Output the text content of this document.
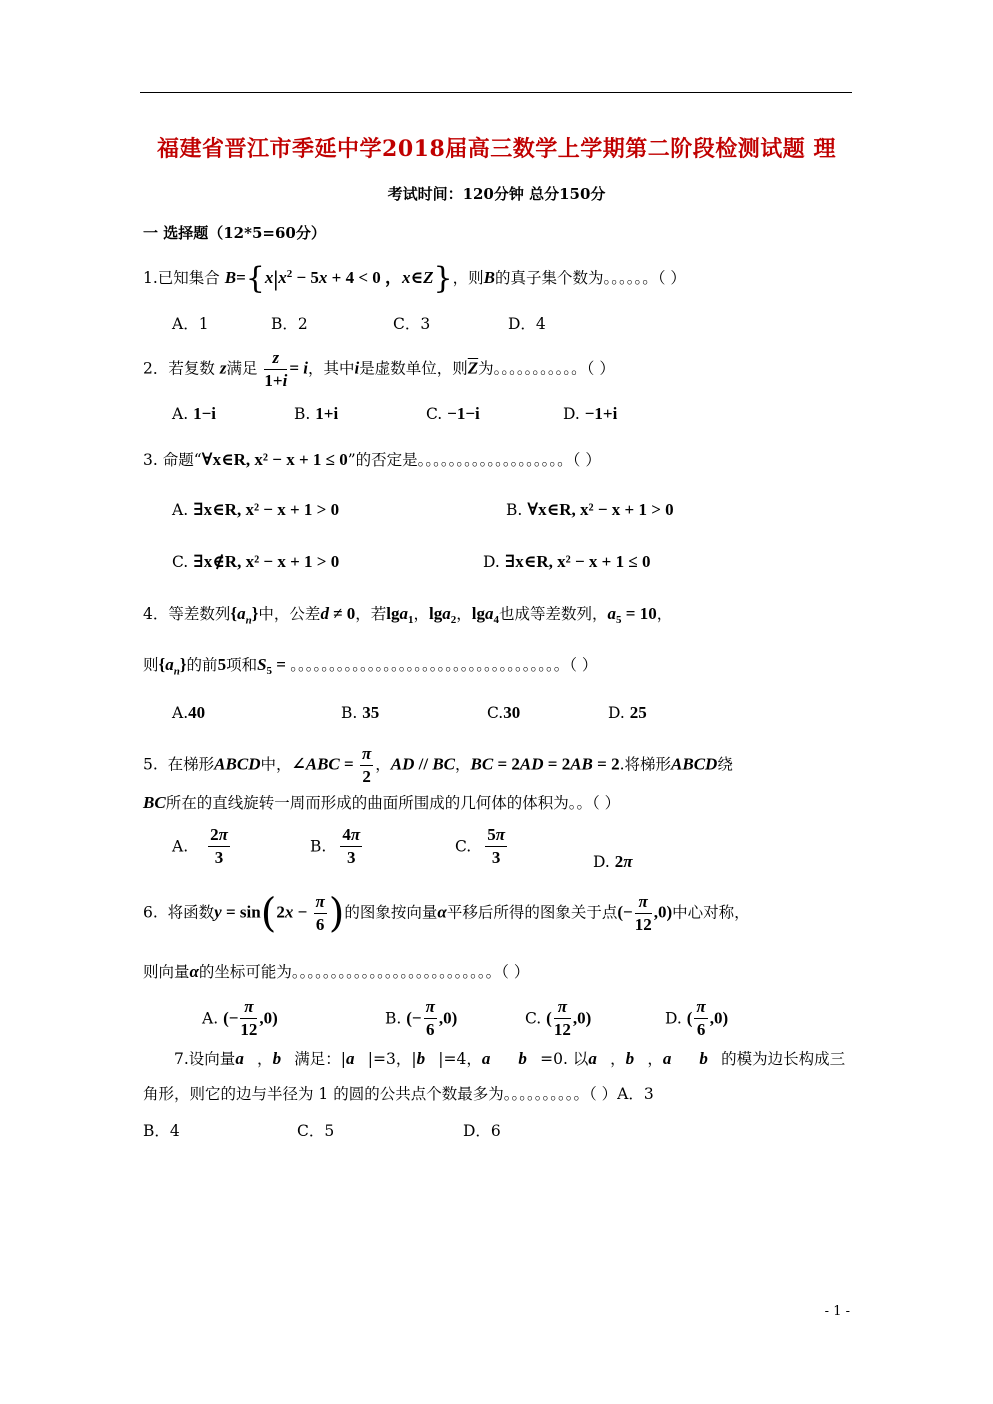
福建省晋江市季延中学2018届高三数学上学期第二阶段检测试题 理
考试时间：120分钟 总分150分
一 选择题（12*5=60分）
1.已知集合 $B=\{x|x^2 - 5x + 4 < 0$ ，x∈Z}，则B的真子集个数为。。。。。。（ ）
A．1	B．2	C．3	D．4
2．若复数 z满足 $\frac{z}{1+i} = i$，其中i是虚数单位，则$\overline{Z}$为。。。。。。。。。。。（ ）
A. 1−i	B. 1+i	C. −1−i	D. −1+i
3. 命题“∀x∈R, x² − x + 1 ≤ 0”的否定是。。。。。。。。。。。。。。。。。。。（ ）
A. ∃x∈R, x² − x + 1 > 0	B. ∀x∈R, x² − x + 1 > 0
C. ∃x∉R, x² − x + 1 > 0	D. ∃x∈R, x² − x + 1 ≤ 0
4．等差数列$\{a_n\}$中，公差d ≠ 0，若lga$_1$，lga$_2$，lga$_4$也成等差数列，$a_5 = 10$，
则$\{a_n\}$的前5项和$S_5$ = 。。。。。。。。。。。。。。。。。。。。。。。。。。。。。。。。。。。（ ）
A.40	B. 35	C.30	D. 25
5. 在梯形ABCD中，∠ABC = $\frac{\pi}{2}$ ，AD // BC，BC = 2AD = 2AB = 2.将梯形ABCD绕
BC所在的直线旋转一周而形成的曲面所围成的几何体的体积为。。（ ）
A. $\frac{2\pi}{3}$	B. $\frac{4\pi}{3}$	C. $\frac{5\pi}{3}$	D. 2π
6. 将函数$y = \sin(2x - \frac{\pi}{6}$ )的图象按向量α平移后所得的图象关于点(− $\frac{\pi}{12} ,0$)中心对称，
则向量α的坐标可能为。。。。。。。。。。。。。。。。。。。。。。。。。。（ ）
A. (− $\frac{\pi}{12} ,0$)	B. (− $\frac{\pi}{6} ,0$)	C. ( $\frac{\pi}{12} ,0$)	D. ( $\frac{\pi}{6} ,0$)
7.设向量a⃗，b⃗满足：|a⃗|=3，|b⃗|=4，a⃗ b⃗=0. 以a⃗，b⃗，a⃗ b⃗的模为边长构成三
角形，则它的边与半径为 1 的圆的公共点个数最多为。。。。。。。。。。（ ）A．3
B．4	C．5	D．6
- 1 -
